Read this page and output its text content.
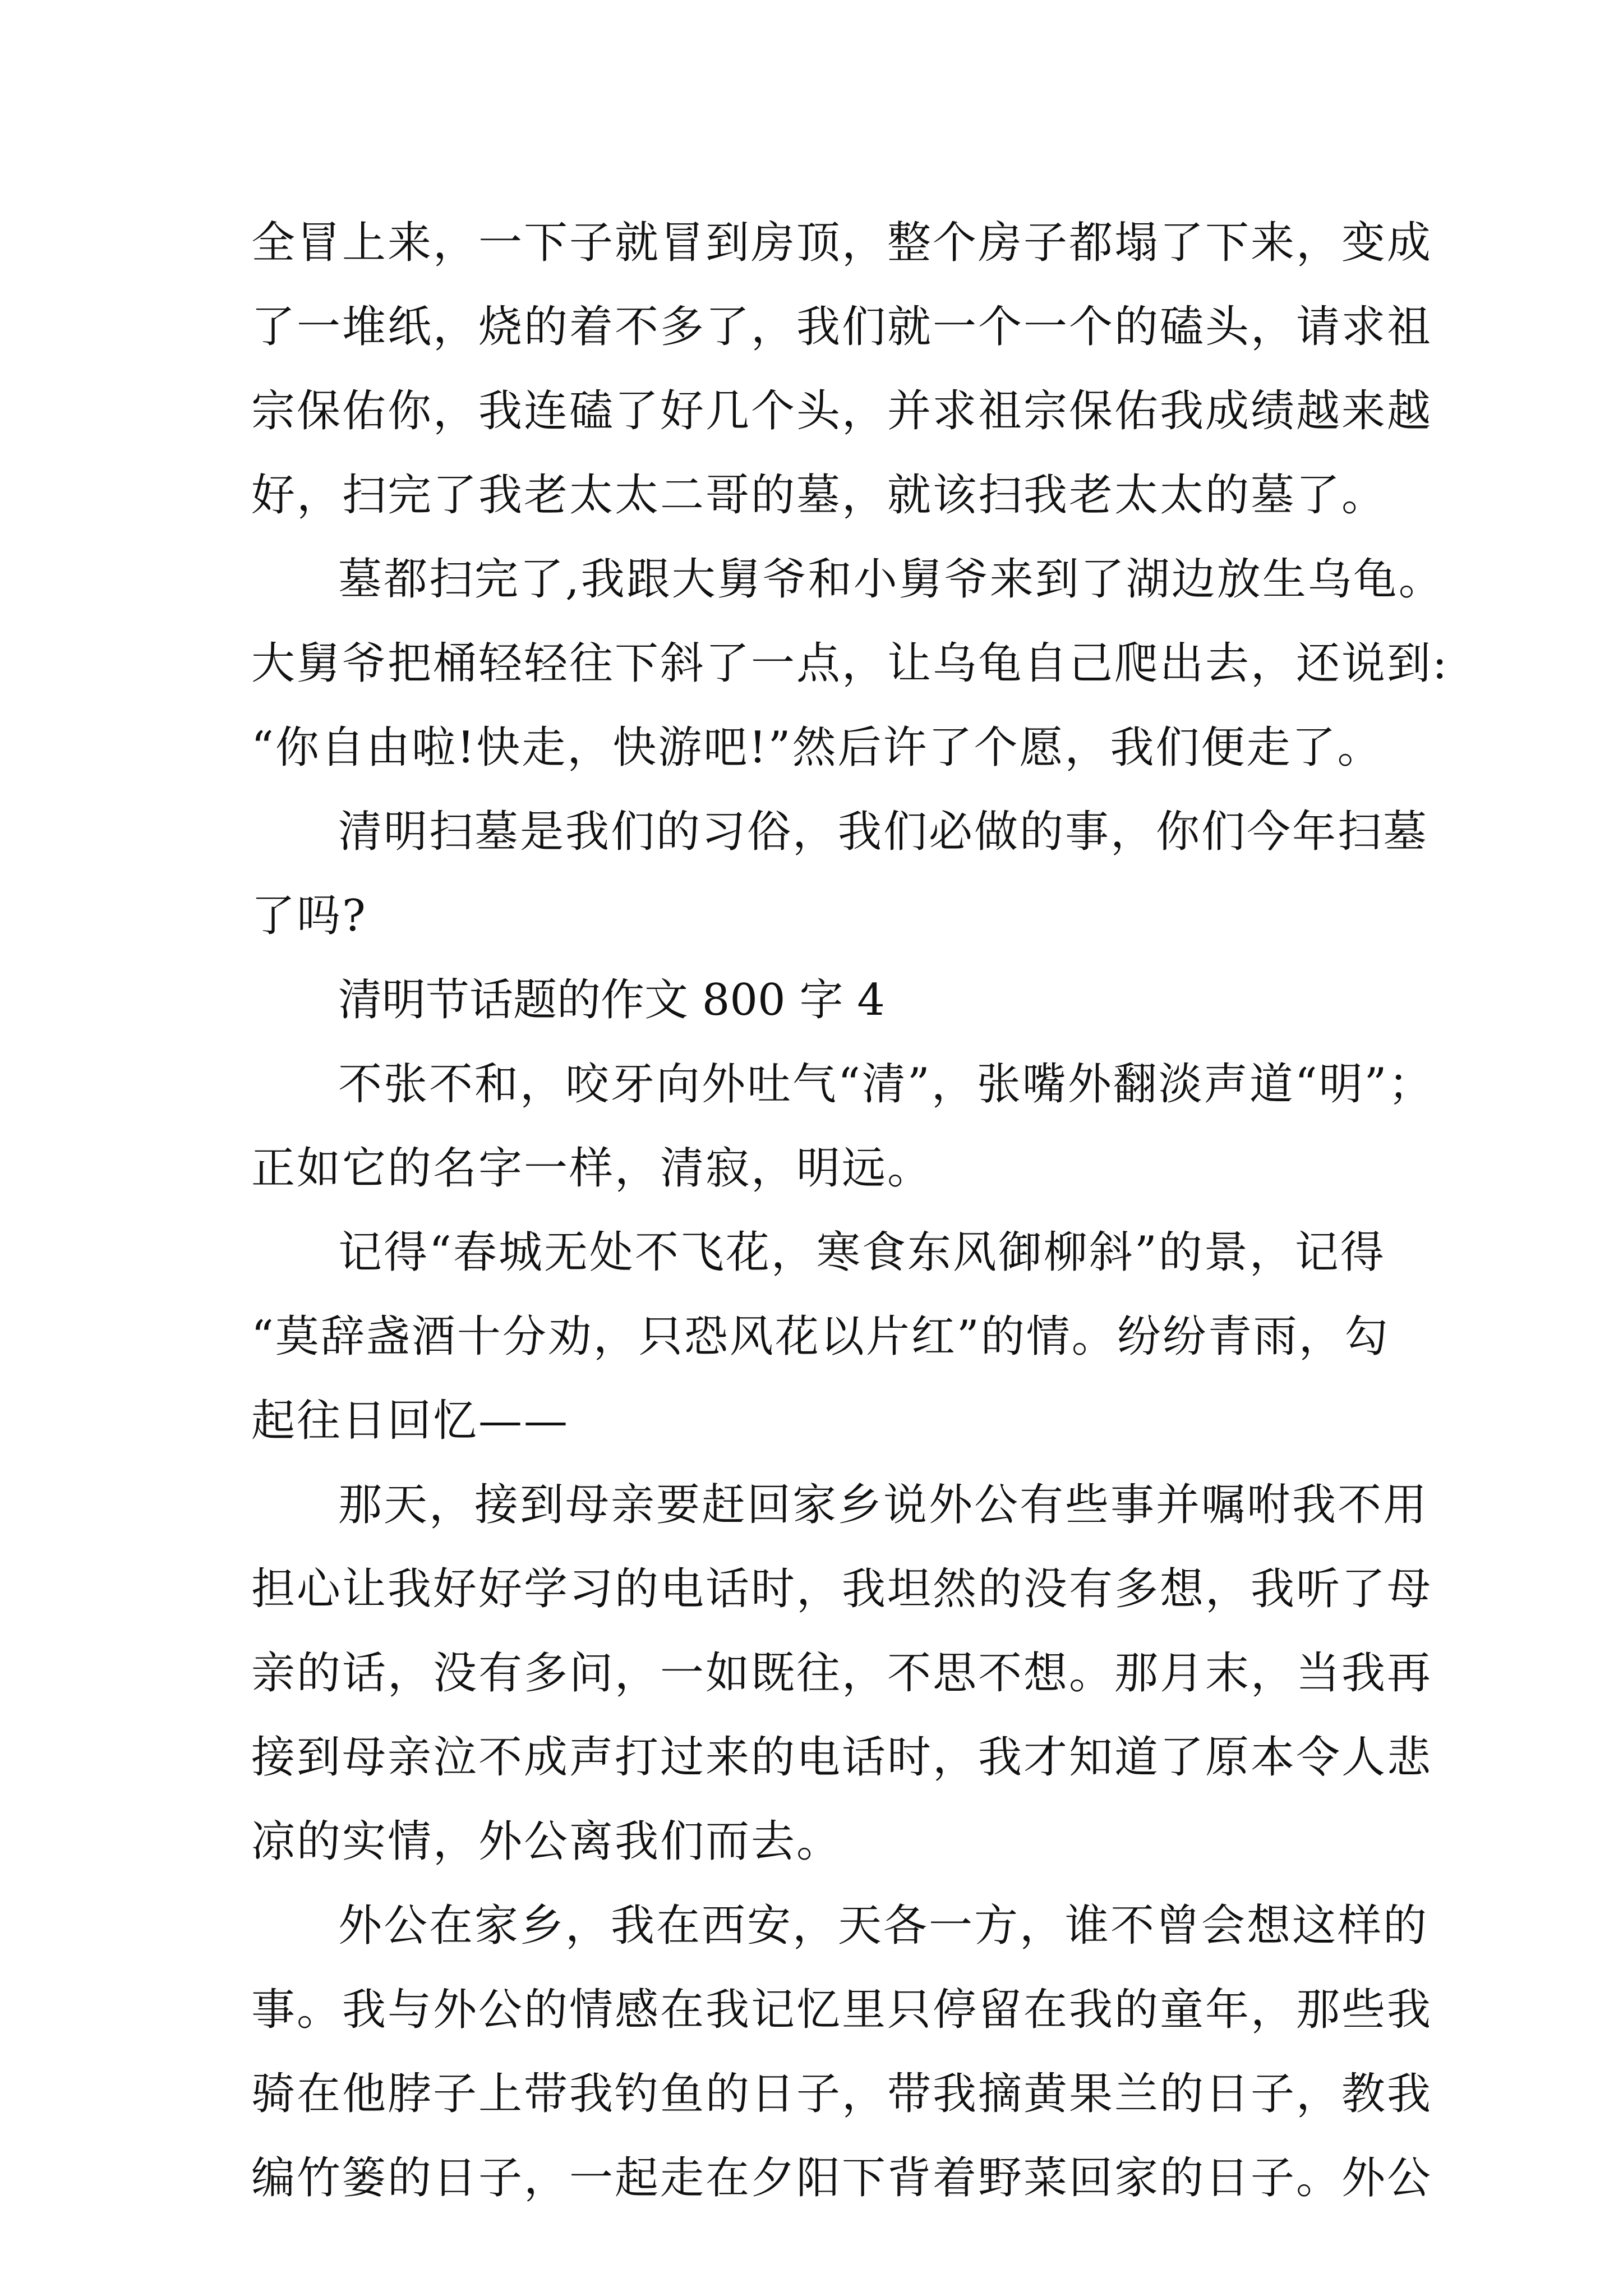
全冒上来，一下子就冒到房顶，整个房子都塌了下来，变成
了一堆纸，烧的着不多了，我们就一个一个的磕头，请求祖
宗保佑你，我连磕了好几个头，并求祖宗保佑我成绩越来越
好，扫完了我老太太二哥的墓，就该扫我老太太的墓了。
墓都扫完了,我跟大舅爷和小舅爷来到了湖边放生乌龟。
大舅爷把桶轻轻往下斜了一点，让乌龟自己爬出去，还说到:
“你自由啦!快走，快游吧!”然后许了个愿，我们便走了。
清明扫墓是我们的习俗，我们必做的事，你们今年扫墓
了吗?
清明节话题的作文 800 字 4
不张不和，咬牙向外吐气“清”，张嘴外翻淡声道“明”；
正如它的名字一样，清寂，明远。
记得“春城无处不飞花，寒食东风御柳斜”的景，记得
“莫辞盏酒十分劝，只恐风花以片红”的情。纷纷青雨，勾
起往日回忆——
那天，接到母亲要赶回家乡说外公有些事并嘱咐我不用
担心让我好好学习的电话时，我坦然的没有多想，我听了母
亲的话，没有多问，一如既往，不思不想。那月末，当我再
接到母亲泣不成声打过来的电话时，我才知道了原本令人悲
凉的实情，外公离我们而去。
外公在家乡，我在西安，天各一方，谁不曾会想这样的
事。我与外公的情感在我记忆里只停留在我的童年，那些我
骑在他脖子上带我钓鱼的日子，带我摘黄果兰的日子，教我
编竹篓的日子，一起走在夕阳下背着野菜回家的日子。外公
